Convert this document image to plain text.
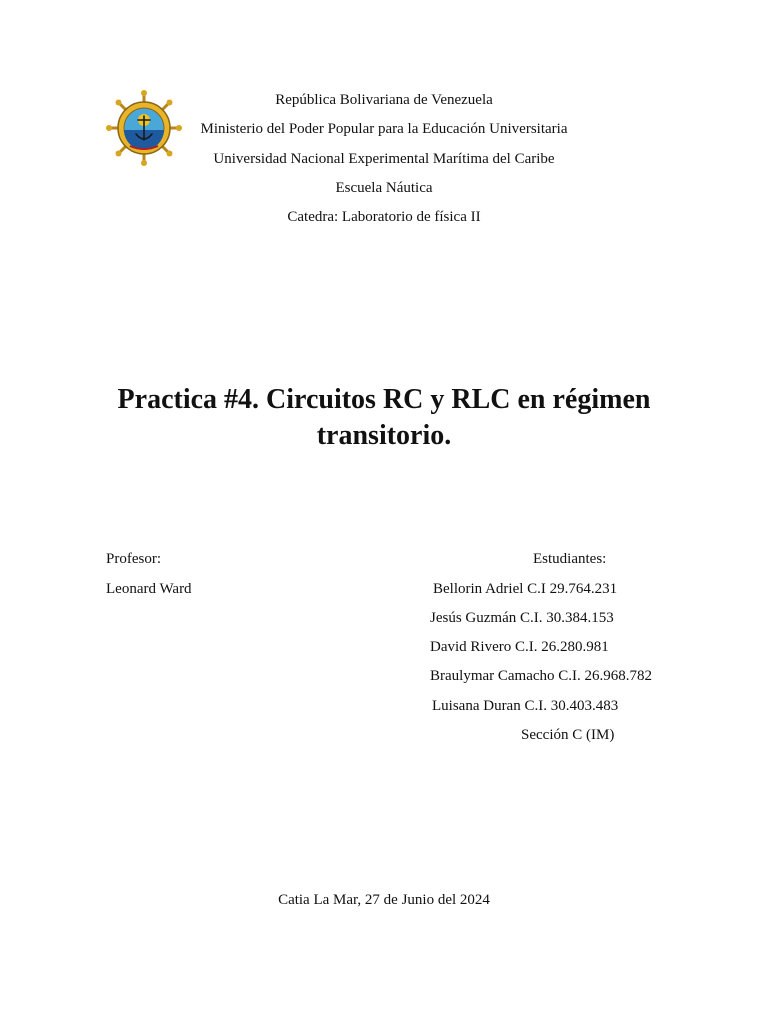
República Bolivariana de Venezuela
Ministerio del Poder Popular para la Educación Universitaria
Universidad Nacional Experimental Marítima del Caribe
Escuela Náutica
Catedra: Laboratorio de física II
Practica #4. Circuitos RC y RLC en régimen transitorio.
Profesor:
Leonard Ward
Estudiantes:
Bellorin Adriel C.I 29.764.231
Jesús Guzmán C.I. 30.384.153
David Rivero C.I. 26.280.981
Braulymar Camacho C.I. 26.968.782
Luisana Duran C.I. 30.403.483
Sección C (IM)
Catia La Mar, 27 de Junio del 2024
